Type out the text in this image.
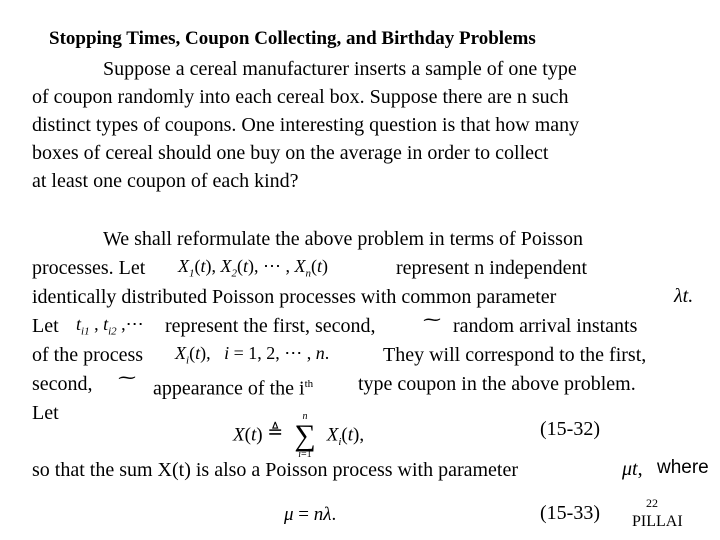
Stopping Times, Coupon Collecting, and Birthday Problems
Suppose a cereal manufacturer inserts a sample of one type
of coupon randomly into each cereal box. Suppose there are n such
distinct types of coupons. One interesting question is that how many
boxes of cereal should one buy on the average in order to collect
at least one coupon of each kind?
We shall reformulate the above problem in terms of Poisson
processes. Let $X_1(t)$, $X_2(t)$, ⋯ , $X_n(t)$	represent n independent
identically distributed Poisson processes with common parameter	λt.
Let $t_{i1}$ , $t_{i2}$ ,⋯ represent the first, second,	⁓ random arrival instants
of the process $X_i(t)$,   i = 1, 2, ⋯ , n.	They will correspond to the first,
second, ⁓
appearance of the $i^{th}$ type coupon in the above problem.
Let
X(t) ≜
n
∑
i=1
$X_i(t)$,	(15-32)
so that the sum X(t) is also a Poisson process with parameter	μt, where
μ = nλ.	(15-33)	22
PILLAI
